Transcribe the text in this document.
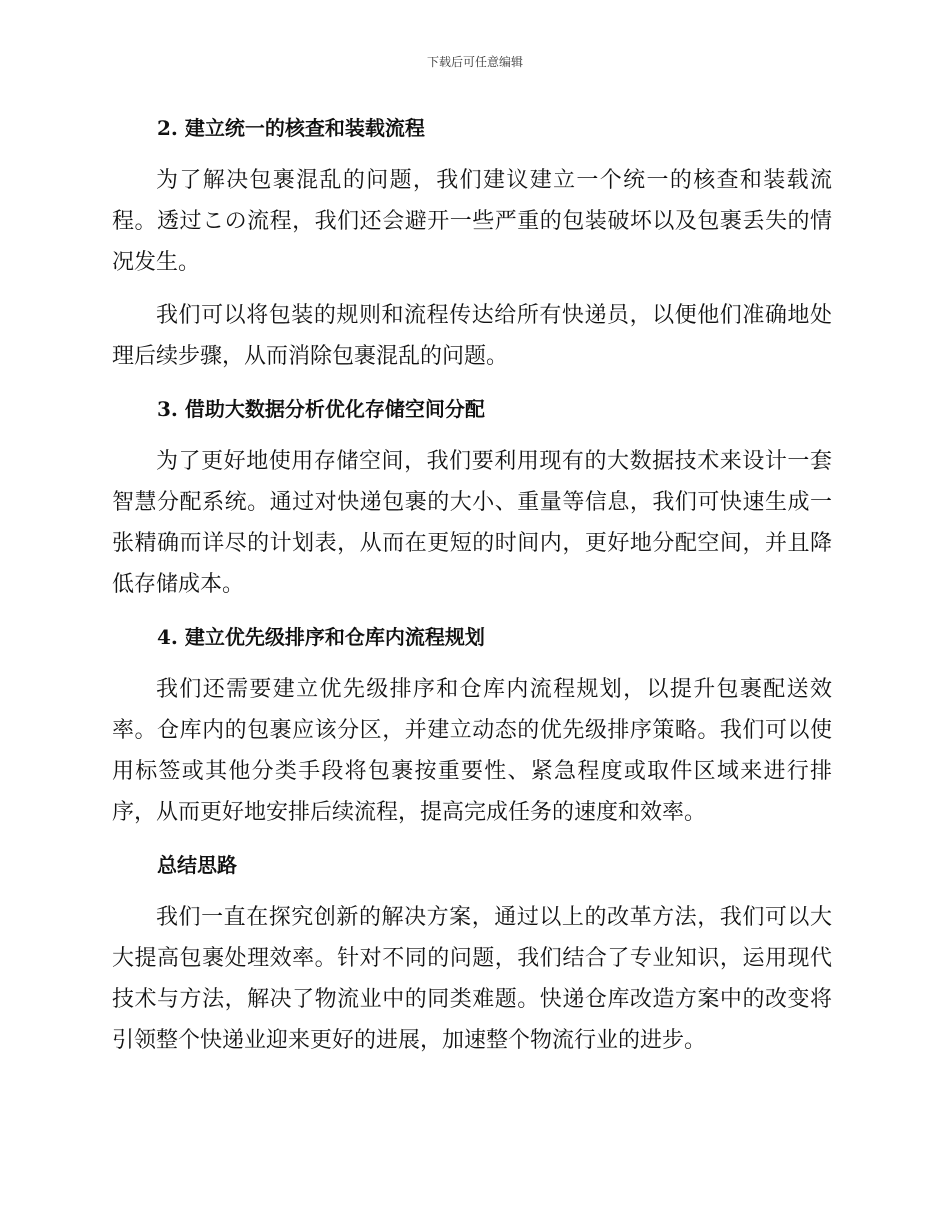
下载后可任意编辑
2. 建立统一的核查和装载流程

为了解决包裹混乱的问题，我们建议建立一个统一的核查和装载流程。透过この流程，我们还会避开一些严重的包装破坏以及包裹丢失的情况发生。

我们可以将包装的规则和流程传达给所有快递员，以便他们准确地处理后续步骤，从而消除包裹混乱的问题。

3. 借助大数据分析优化存储空间分配

为了更好地使用存储空间，我们要利用现有的大数据技术来设计一套智慧分配系统。通过对快递包裹的大小、重量等信息，我们可快速生成一张精确而详尽的计划表，从而在更短的时间内，更好地分配空间，并且降低存储成本。

4. 建立优先级排序和仓库内流程规划

我们还需要建立优先级排序和仓库内流程规划，以提升包裹配送效率。仓库内的包裹应该分区，并建立动态的优先级排序策略。我们可以使用标签或其他分类手段将包裹按重要性、紧急程度或取件区域来进行排序，从而更好地安排后续流程，提高完成任务的速度和效率。

总结思路

我们一直在探究创新的解决方案，通过以上的改革方法，我们可以大大提高包裹处理效率。针对不同的问题，我们结合了专业知识，运用现代技术与方法，解决了物流业中的同类难题。快递仓库改造方案中的改变将引领整个快递业迎来更好的进展，加速整个物流行业的进步。
